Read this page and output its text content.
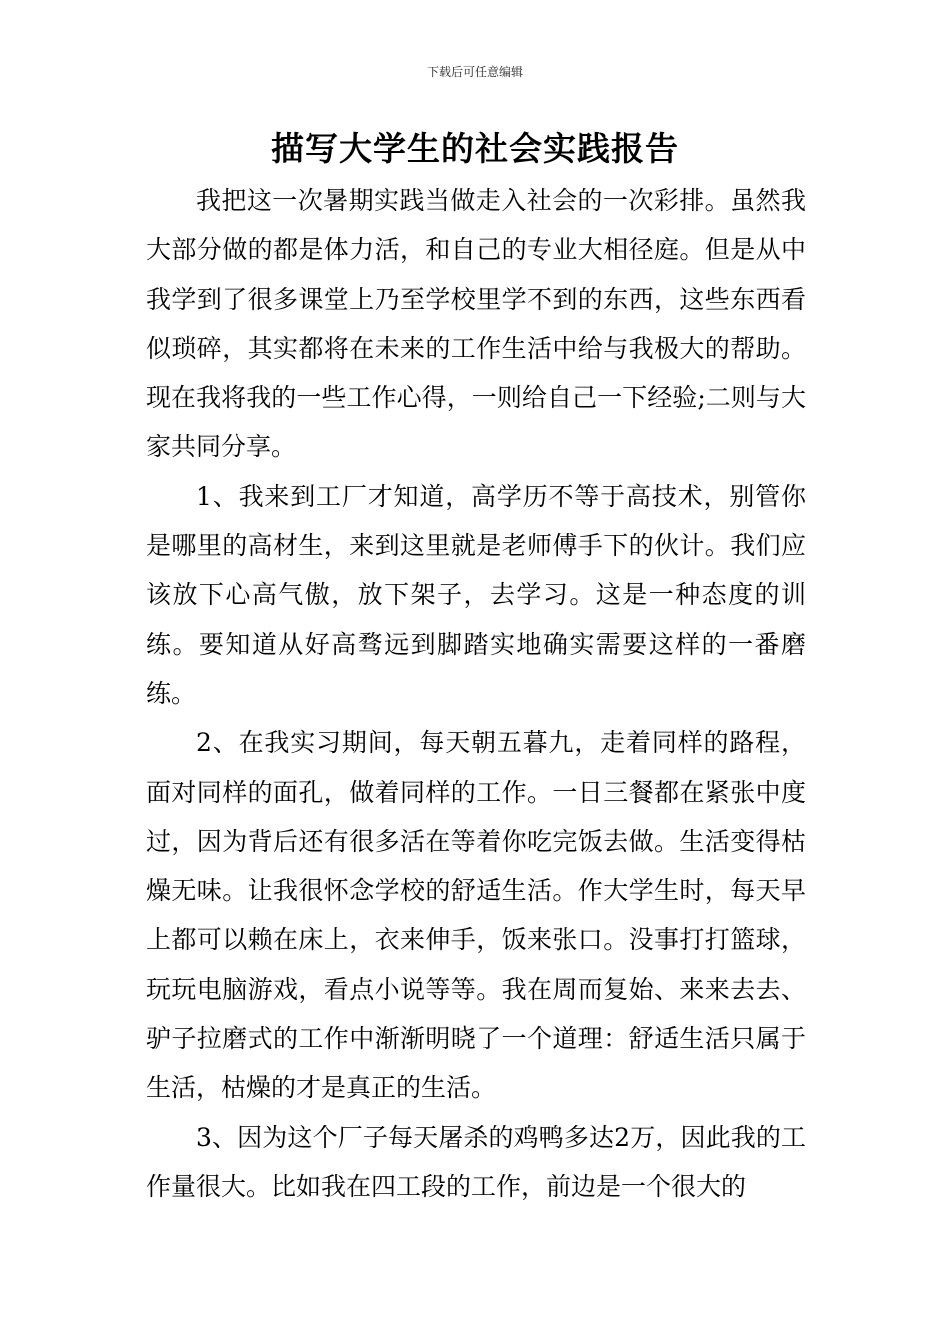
下载后可任意编辑
描写大学生的社会实践报告

我把这一次暑期实践当做走入社会的一次彩排。虽然我大部分做的都是体力活，和自己的专业大相径庭。但是从中我学到了很多课堂上乃至学校里学不到的东西，这些东西看似琐碎，其实都将在未来的工作生活中给与我极大的帮助。现在我将我的一些工作心得，一则给自己一下经验;二则与大家共同分享。

1、我来到工厂才知道，高学历不等于高技术，别管你是哪里的高材生，来到这里就是老师傅手下的伙计。我们应该放下心高气傲，放下架子，去学习。这是一种态度的训练。要知道从好高骛远到脚踏实地确实需要这样的一番磨练。

2、在我实习期间，每天朝五暮九，走着同样的路程，面对同样的面孔，做着同样的工作。一日三餐都在紧张中度过，因为背后还有很多活在等着你吃完饭去做。生活变得枯燥无味。让我很怀念学校的舒适生活。作大学生时，每天早上都可以赖在床上，衣来伸手，饭来张口。没事打打篮球，玩玩电脑游戏，看点小说等等。我在周而复始、来来去去、驴子拉磨式的工作中渐渐明晓了一个道理：舒适生活只属于生活，枯燥的才是真正的生活。

3、因为这个厂子每天屠杀的鸡鸭多达2万，因此我的工作量很大。比如我在四工段的工作，前边是一个很大的
